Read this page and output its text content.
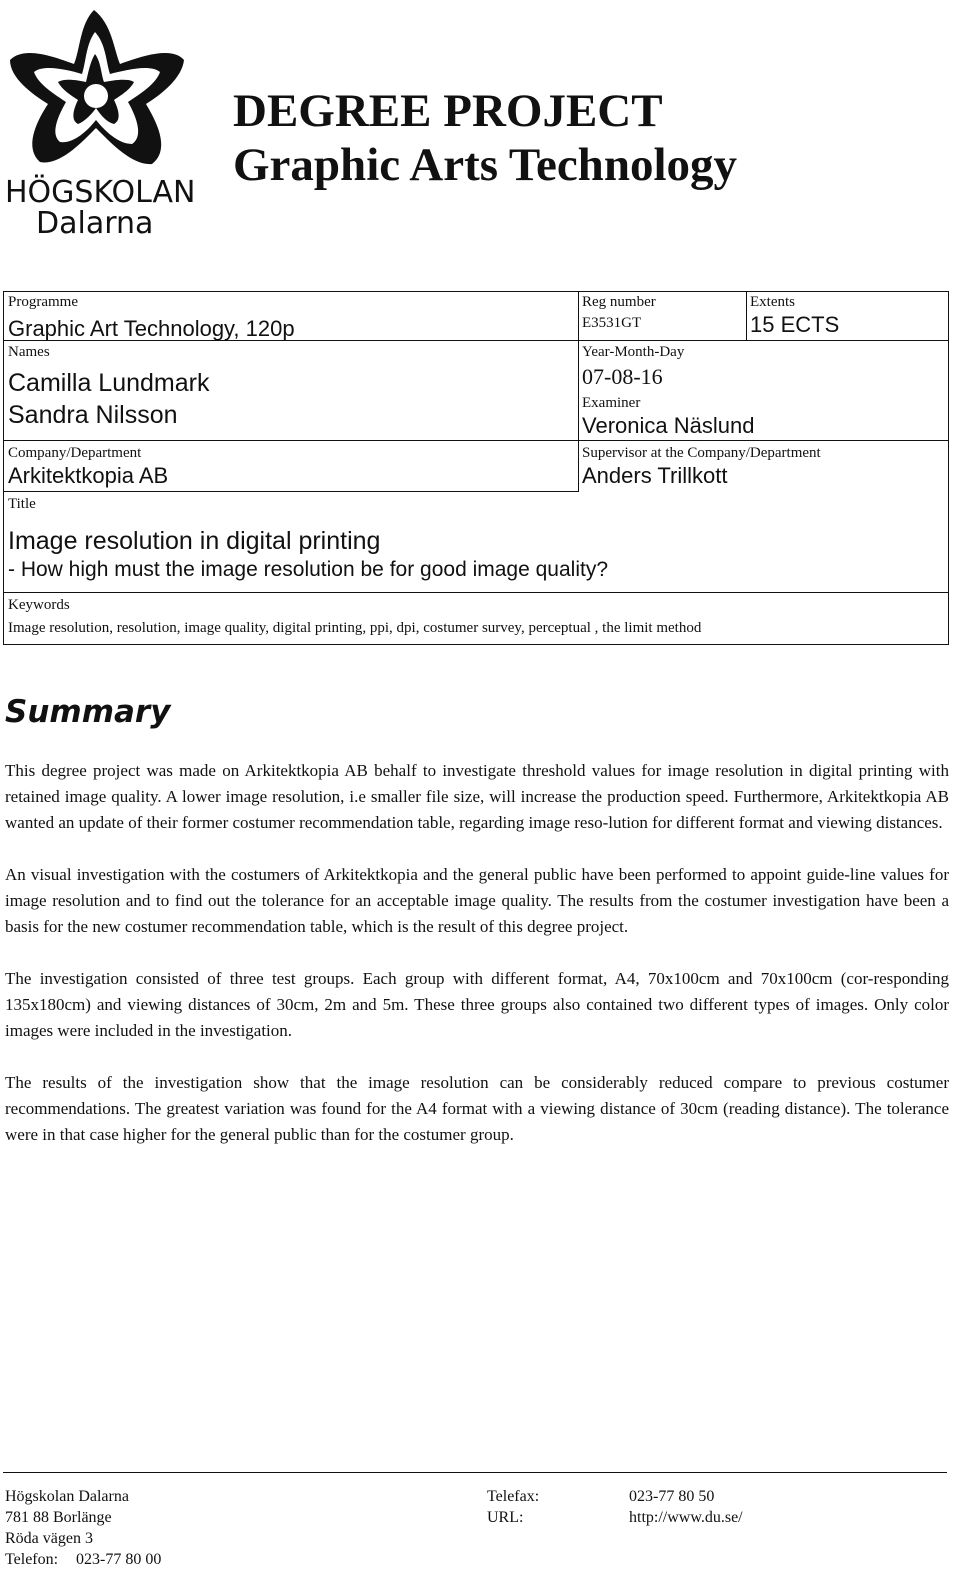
HÖGSKOLAN
Dalarna
DEGREE PROJECT
Graphic Arts Technology
Programme
Graphic Art Technology, 120p
Reg number
E3531GT
Extents
15 ECTS
Names
Camilla Lundmark
Sandra Nilsson
Year-Month-Day
07-08-16
Examiner
Veronica Näslund
Company/Department
Arkitektkopia AB
Supervisor at the Company/Department
Anders Trillkott
Title
Image resolution in digital printing
- How high must the image resolution be for good image quality?
Keywords
Image resolution, resolution, image quality, digital printing, ppi, dpi, costumer survey, perceptual , the limit method
Summary

This degree project was made on Arkitektkopia AB behalf to investigate threshold values for image resolution in digital printing with retained image quality. A lower image resolution, i.e smaller file size, will increase the production speed. Furthermore, Arkitektkopia AB wanted an update of their former costumer recommendation table, regarding image reso-lution for different format and viewing distances.

An visual investigation with the costumers of Arkitektkopia and the general public have been performed to appoint guide-line values for image resolution and to find out the tolerance for an acceptable image quality. The results from the costumer investigation have been a basis for the new costumer recommendation table, which is the result of this degree project.

The investigation consisted of three test groups. Each group with different format, A4, 70x100cm and 70x100cm (cor-responding 135x180cm) and viewing distances of 30cm, 2m and 5m. These three groups also contained two different types of images. Only color images were included in the investigation.

The results of the investigation show that the image resolution can be considerably reduced compare to previous costumer recommendations. The greatest variation was found for the A4 format with a viewing distance of 30cm (reading distance). The tolerance were in that case higher for the general public than for the costumer group.

Högskolan Dalarna
781 88 Borlänge
Röda vägen 3
Telefon: 023-77 80 00
Telefax:	023-77 80 50
URL:	http://www.du.se/
